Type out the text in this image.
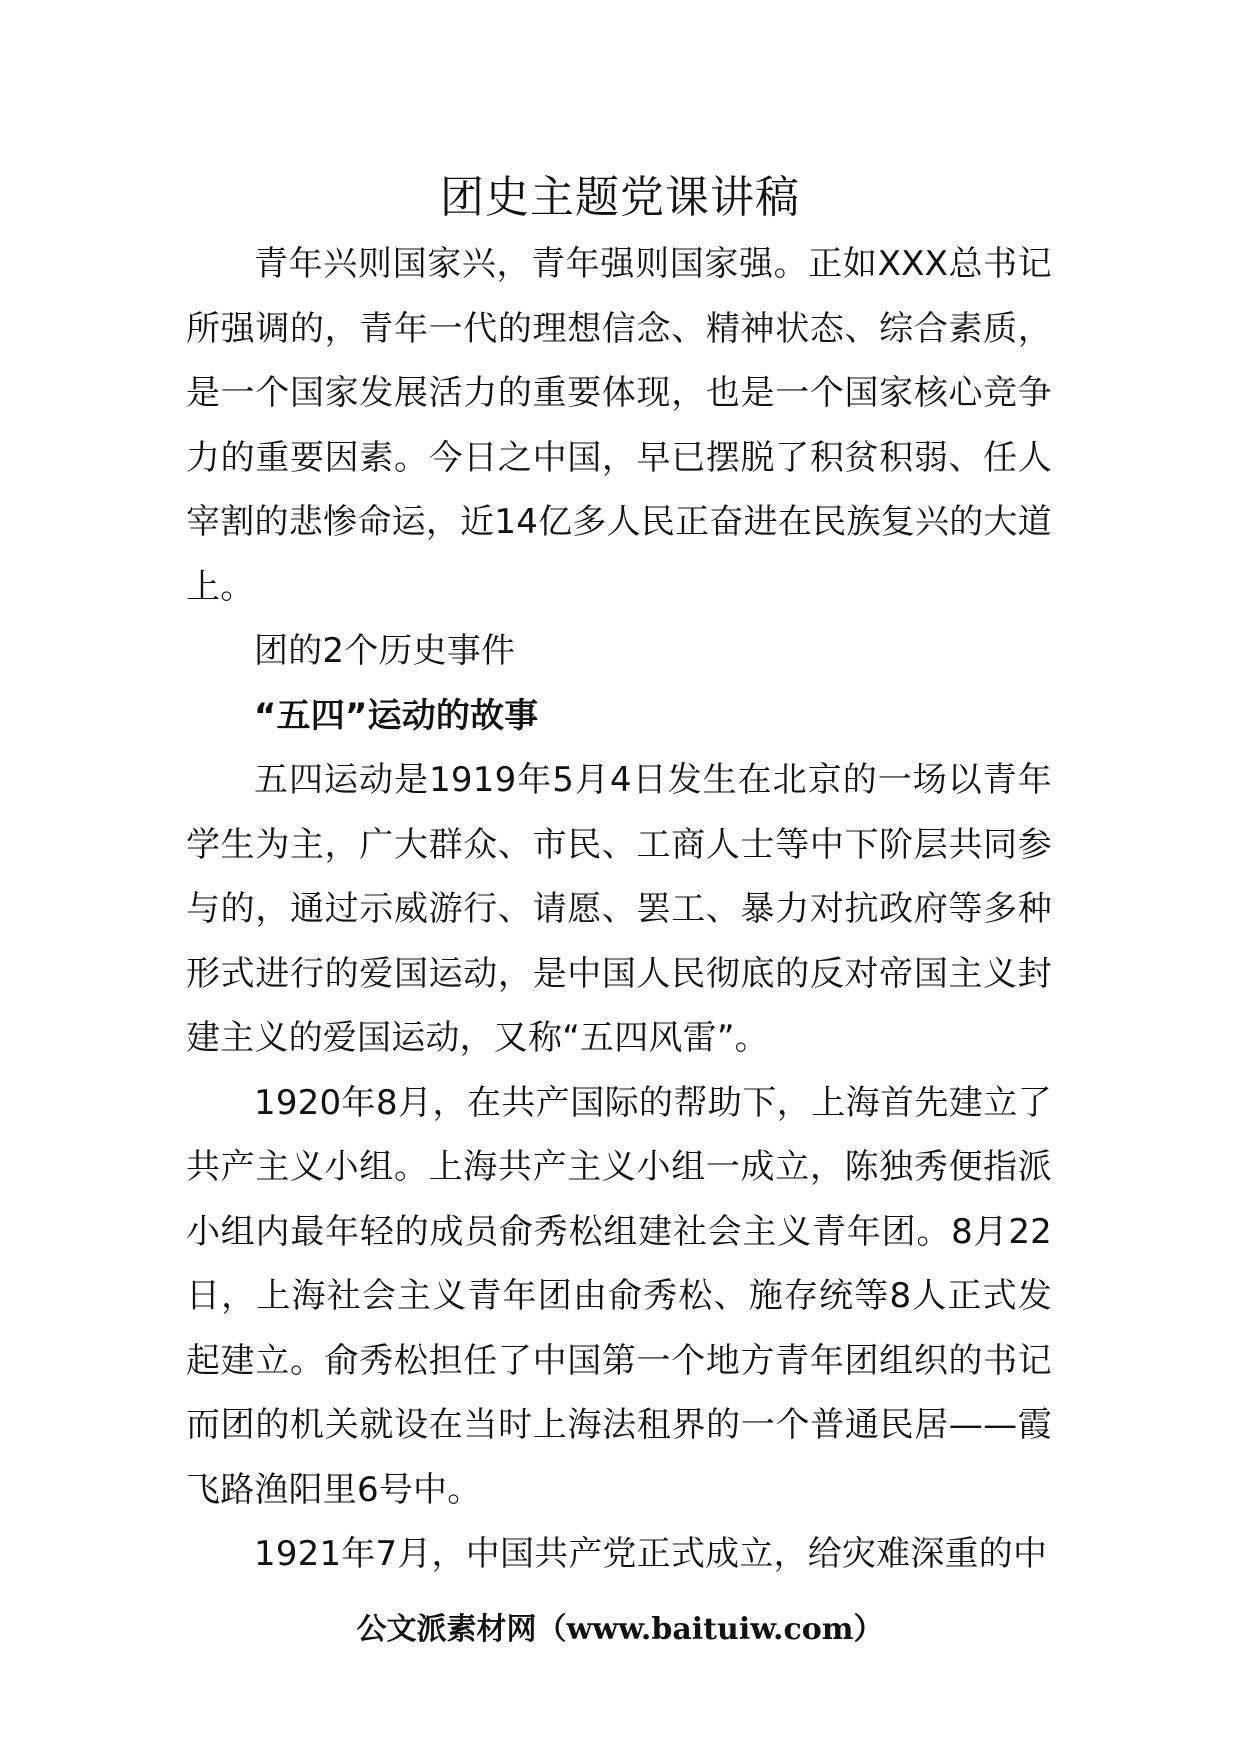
团史主题党课讲稿

青年兴则国家兴，青年强则国家强。正如XXX总书记所强调的，青年一代的理想信念、精神状态、综合素质，是一个国家发展活力的重要体现，也是一个国家核心竞争力的重要因素。今日之中国，早已摆脱了积贫积弱、任人宰割的悲惨命运，近14亿多人民正奋进在民族复兴的大道上。

团的2个历史事件

“五四”运动的故事

五四运动是1919年5月4日发生在北京的一场以青年学生为主，广大群众、市民、工商人士等中下阶层共同参与的，通过示威游行、请愿、罢工、暴力对抗政府等多种形式进行的爱国运动，是中国人民彻底的反对帝国主义封建主义的爱国运动，又称“五四风雷”。

1920年8月，在共产国际的帮助下，上海首先建立了共产主义小组。上海共产主义小组一成立，陈独秀便指派小组内最年轻的成员俞秀松组建社会主义青年团。8月22日，上海社会主义青年团由俞秀松、施存统等8人正式发起建立。俞秀松担任了中国第一个地方青年团组织的书记而团的机关就设在当时上海法租界的一个普通民居——霞飞路渔阳里6号中。

1921年7月，中国共产党正式成立，给灾难深重的中

公文派素材网（www.baituiw.com）
